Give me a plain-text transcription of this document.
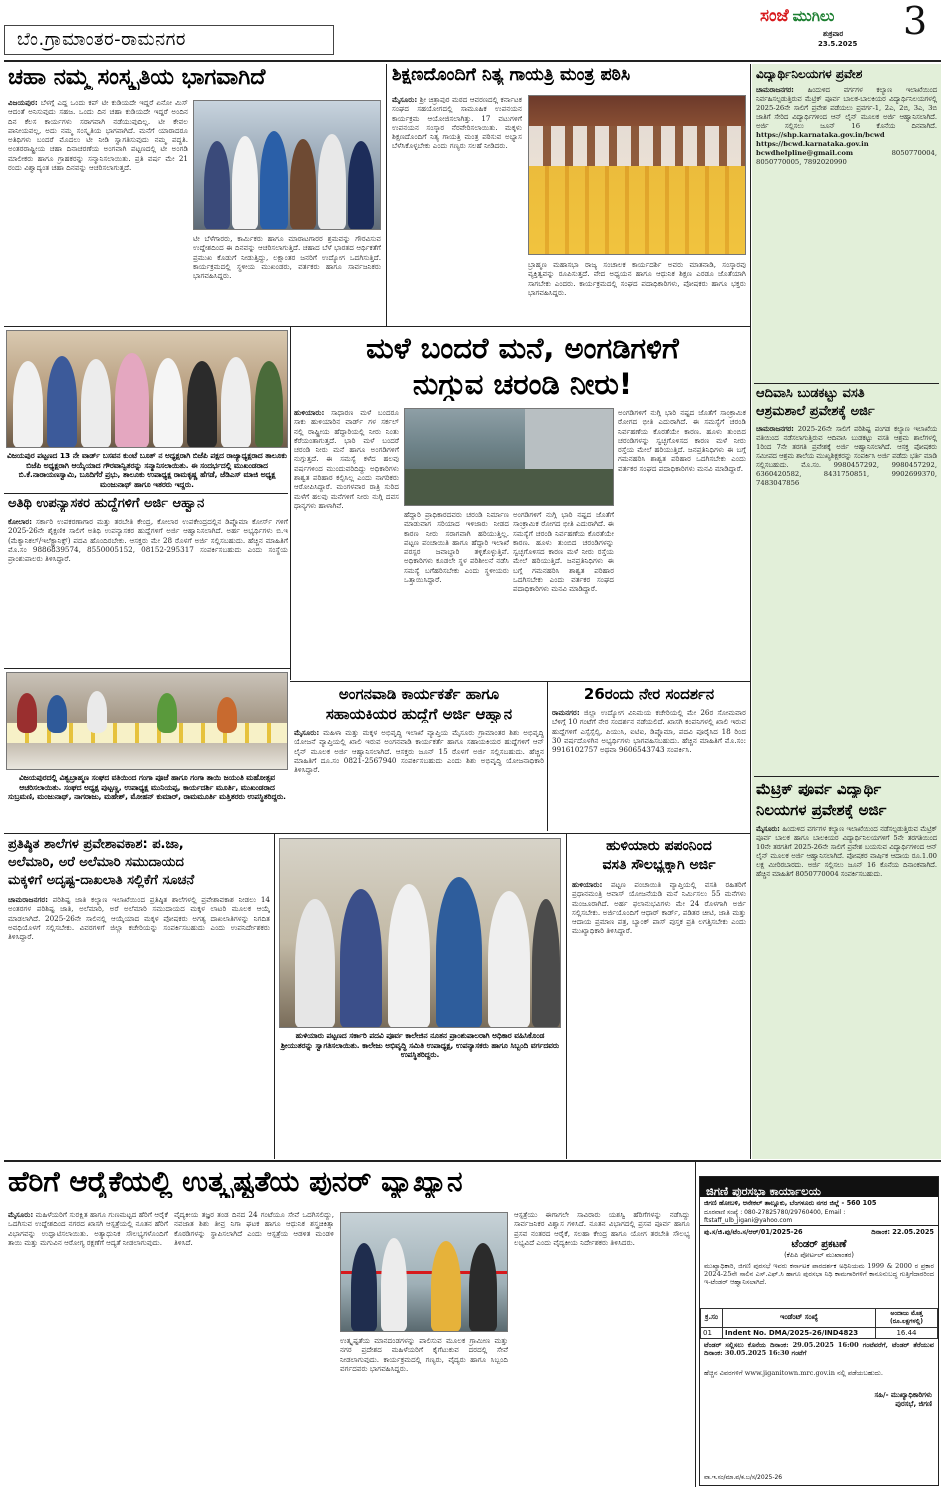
ಬೆಂ.ಗ್ರಾಮಾಂತರ-ರಾಮನಗರ
ಸಂಜೆ ಮುಗಿಲು
ಶುಕ್ರವಾರ
23.5.2025
3
ಚಹಾ ನಮ್ಮ ಸಂಸ್ಕೃತಿಯ ಭಾಗವಾಗಿದೆ
ವಿಜಯಪುರ: ಬೆಳಗ್ಗೆ ಎದ್ದ ಒಂದು ಕಪ್ ಟೀ ಕುಡಿಯದೇ ಇದ್ದರೆ ಏನೋ ಮಿಸ್ ಆದಂತೆ ಅನಿಸುವುದು ಸಹಜ. ಒಂದು ದಿನ ಚಹಾ ಕುಡಿಯದೇ ಇದ್ದರೆ ಅಂದಿನ ದಿನ ಕೆಲಸ ಕಾರ್ಯಗಳು ಸರಾಗವಾಗಿ ನಡೆಯುವುದಿಲ್ಲ. ಟೀ ಕೇವಲ ಪಾನೀಯವಲ್ಲ, ಅದು ನಮ್ಮ ಸಂಸ್ಕೃತಿಯ ಭಾಗವಾಗಿದೆ. ಮನೆಗೆ ಯಾರಾದರೂ ಅತಿಥಿಗಳು ಬಂದರೆ ಮೊದಲು ಟೀ ನೀಡಿ ಸ್ವಾಗತಿಸುವುದು ನಮ್ಮ ಪದ್ಧತಿ. ಅಂತರರಾಷ್ಟ್ರೀಯ ಚಹಾ ದಿನಾಚರಣೆಯ ಅಂಗವಾಗಿ ಪಟ್ಟಣದಲ್ಲಿ ಟೀ ಅಂಗಡಿ ಮಾಲೀಕರು ಹಾಗೂ ಗ್ರಾಹಕರನ್ನು ಸನ್ಮಾನಿಸಲಾಯಿತು. ಪ್ರತಿ ವರ್ಷ ಮೇ 21 ರಂದು ವಿಶ್ವಾದ್ಯಂತ ಚಹಾ ದಿನವನ್ನು ಆಚರಿಸಲಾಗುತ್ತದೆ.
ಟೀ ಬೆಳೆಗಾರರು, ಕಾರ್ಮಿಕರು ಹಾಗೂ ಮಾರಾಟಗಾರರ ಶ್ರಮವನ್ನು ಗೌರವಿಸುವ ಉದ್ದೇಶದಿಂದ ಈ ದಿನವನ್ನು ಆಚರಿಸಲಾಗುತ್ತಿದೆ. ಚಹಾದ ಬೆಳೆ ಭಾರತದ ಆರ್ಥಿಕತೆಗೆ ಪ್ರಮುಖ ಕೊಡುಗೆ ನೀಡುತ್ತಿದ್ದು, ಲಕ್ಷಾಂತರ ಜನರಿಗೆ ಉದ್ಯೋಗ ಒದಗಿಸುತ್ತಿದೆ. ಕಾರ್ಯಕ್ರಮದಲ್ಲಿ ಸ್ಥಳೀಯ ಮುಖಂಡರು, ವರ್ತಕರು ಹಾಗೂ ಸಾರ್ವಜನಿಕರು ಭಾಗವಹಿಸಿದ್ದರು.
ಶಿಕ್ಷಣದೊಂದಿಗೆ ನಿತ್ಯ ಗಾಯತ್ರಿ ಮಂತ್ರ ಪಠಿಸಿ
ಮೈಸೂರು: ಶ್ರೀ ಚಿತ್ರಾಪುರ ಮಠದ ಆವರಣದಲ್ಲಿ ಕರ್ನಾಟಕ ಸಂಘದ ಸಹಯೋಗದಲ್ಲಿ ಸಾಮೂಹಿಕ ಉಪನಯನ ಕಾರ್ಯಕ್ರಮ ಆಯೋಜಿಸಲಾಗಿತ್ತು. 17 ವಟುಗಳಿಗೆ ಉಪನಯನ ಸಂಸ್ಕಾರ ನೆರವೇರಿಸಲಾಯಿತು. ಮಕ್ಕಳು ಶಿಕ್ಷಣದೊಂದಿಗೆ ನಿತ್ಯ ಗಾಯತ್ರಿ ಮಂತ್ರ ಪಠಿಸುವ ಅಭ್ಯಾಸ ಬೆಳೆಸಿಕೊಳ್ಳಬೇಕು ಎಂದು ಗಣ್ಯರು ಸಲಹೆ ನೀಡಿದರು.
ಬ್ರಾಹ್ಮಣ ಮಹಾಸಭಾ ರಾಜ್ಯ ಸಂಚಾಲಕ ಕಾರ್ಯದರ್ಶಿ ಅವರು ಮಾತನಾಡಿ, ಸಂಸ್ಕಾರವು ವ್ಯಕ್ತಿತ್ವವನ್ನು ರೂಪಿಸುತ್ತದೆ. ವೇದ ಅಧ್ಯಯನ ಹಾಗೂ ಆಧುನಿಕ ಶಿಕ್ಷಣ ಎರಡೂ ಜೊತೆಯಾಗಿ ಸಾಗಬೇಕು ಎಂದರು. ಕಾರ್ಯಕ್ರಮದಲ್ಲಿ ಸಂಘದ ಪದಾಧಿಕಾರಿಗಳು, ಪೋಷಕರು ಹಾಗೂ ಭಕ್ತರು ಭಾಗವಹಿಸಿದ್ದರು.
ವಿದ್ಯಾರ್ಥಿನಿಲಯಗಳ ಪ್ರವೇಶ
ಚಾಮರಾಜನಗರ: ಹಿಂದುಳಿದ ವರ್ಗಗಳ ಕಲ್ಯಾಣ ಇಲಾಖೆಯಿಂದ ನಿರ್ವಹಿಸಲ್ಪಡುತ್ತಿರುವ ಮೆಟ್ರಿಕ್ ಪೂರ್ವ ಬಾಲಕ-ಬಾಲಕಿಯರ ವಿದ್ಯಾರ್ಥಿನಿಲಯಗಳಲ್ಲಿ 2025-26ನೇ ಸಾಲಿಗೆ ಪ್ರವೇಶ ಪಡೆಯಲು ಪ್ರವರ್ಗ-1, 2ಎ, 2ಬಿ, 3ಎ, 3ಬಿ ಜಾತಿಗೆ ಸೇರಿದ ವಿದ್ಯಾರ್ಥಿಗಳಿಂದ ಆನ್ ಲೈನ್ ಮೂಲಕ ಅರ್ಜಿ ಆಹ್ವಾನಿಸಲಾಗಿದೆ. ಅರ್ಜಿ ಸಲ್ಲಿಸಲು ಜೂನ್ 16 ಕೊನೆಯ ದಿನವಾಗಿದೆ. https://shp.karnataka.gov.in/bcwd https://bcwd.karnataka.gov.in bcwdhelpline@gmail.com	8050770004, 8050770005, 7892020990
ಆದಿವಾಸಿ ಬುಡಕಟ್ಟು ವಸತಿ
ಆಶ್ರಮಶಾಲೆ ಪ್ರವೇಶಕ್ಕೆ ಅರ್ಜಿ
ಚಾಮರಾಜನಗರ: 2025-26ನೇ ಸಾಲಿಗೆ ಪರಿಶಿಷ್ಟ ಪಂಗಡ ಕಲ್ಯಾಣ ಇಲಾಖೆಯ ವತಿಯಿಂದ ನಡೆಸಲಾಗುತ್ತಿರುವ ಆದಿವಾಸಿ ಬುಡಕಟ್ಟು ವಸತಿ ಆಶ್ರಮ ಶಾಲೆಗಳಲ್ಲಿ 1ರಿಂದ 7ನೇ ತರಗತಿ ಪ್ರವೇಶಕ್ಕೆ ಅರ್ಜಿ ಆಹ್ವಾನಿಸಲಾಗಿದೆ. ಆಸಕ್ತ ಪೋಷಕರು ಸಮೀಪದ ಆಶ್ರಮ ಶಾಲೆಯ ಮುಖ್ಯಶಿಕ್ಷಕರನ್ನು ಸಂಪರ್ಕಿಸಿ ಅರ್ಜಿ ಪಡೆದು ಭರ್ತಿ ಮಾಡಿ ಸಲ್ಲಿಸಬಹುದು. ಮೊ.ಸಂ. 9980457292, 9980457292, 6360420582, 8431750851, 9902699370, 7483047856
ಮೆಟ್ರಿಕ್ ಪೂರ್ವ ವಿದ್ಯಾರ್ಥಿ
ನಿಲಯಗಳ ಪ್ರವೇಶಕ್ಕೆ ಅರ್ಜಿ
ಮೈಸೂರು: ಹಿಂದುಳಿದ ವರ್ಗಗಳ ಕಲ್ಯಾಣ ಇಲಾಖೆಯಿಂದ ನಡೆಸಲ್ಪಡುತ್ತಿರುವ ಮೆಟ್ರಿಕ್ ಪೂರ್ವ ಬಾಲಕ ಹಾಗೂ ಬಾಲಕಿಯರ ವಿದ್ಯಾರ್ಥಿನಿಲಯಗಳಿಗೆ 5ನೇ ತರಗತಿಯಿಂದ 10ನೇ ತರಗತಿಗೆ 2025-26ನೇ ಸಾಲಿಗೆ ಪ್ರವೇಶ ಬಯಸುವ ವಿದ್ಯಾರ್ಥಿಗಳಿಂದ ಆನ್ ಲೈನ್ ಮೂಲಕ ಅರ್ಜಿ ಆಹ್ವಾನಿಸಲಾಗಿದೆ. ಪೋಷಕರ ವಾರ್ಷಿಕ ಆದಾಯ ರೂ.1.00 ಲಕ್ಷ ಮೀರಿರಬಾರದು. ಅರ್ಜಿ ಸಲ್ಲಿಸಲು ಜೂನ್ 16 ಕೊನೆಯ ದಿನಾಂಕವಾಗಿದೆ. ಹೆಚ್ಚಿನ ಮಾಹಿತಿಗೆ 8050770004 ಸಂಪರ್ಕಿಸಬಹುದು.
ವಿಜಯಪುರ ಪಟ್ಟಣದ 13 ನೇ ವಾರ್ಡ್ ಬಸವನ ಕುಂಟೆ ಬೂತ್ ನ ಅಧ್ಯಕ್ಷರಾಗಿ ಬಿಜೆಪಿ ಪಕ್ಷದ ರಾಜ್ಯಾಧ್ಯಕ್ಷರಾದ ತಾಲೂಕು ಬಿಜೆಪಿ ಅಧ್ಯಕ್ಷರಾಗಿ ಆಯ್ಕೆಯಾದ ಗೌರವಾನ್ವಿತರನ್ನು ಸನ್ಮಾನಿಸಲಾಯಿತು. ಈ ಸಂದರ್ಭದಲ್ಲಿ ಮುಖಂಡರಾದ ಬಿ.ಕೆ.ನಾರಾಯಣಸ್ವಾಮಿ, ಬೂದಿಗೆರೆ ಪ್ರಭು, ತಾಲೂಕು ಉಪಾಧ್ಯಕ್ಷ ರಾಮಕೃಷ್ಣ ಹೆಗಡೆ, ಜೆಡಿಎಸ್ ಮಾಜಿ ಅಧ್ಯಕ್ಷ ಮಂಜುನಾಥ್ ಹಾಗೂ ಇತರರು ಇದ್ದರು.
ಮಳೆ ಬಂದರೆ ಮನೆ, ಅಂಗಡಿಗಳಿಗೆ
ನುಗ್ಗುವ ಚರಂಡಿ ನೀರು!
ಹುಳಿಯಾರು: ಸಾಧಾರಣ ಮಳೆ ಬಂದರೂ ಸಾಕು ಹುಳಿಯಾರಿನ ವಾರ್ಡ್ ಗಳ ಸರ್ಕಲ್ ನಲ್ಲಿ ರಾಷ್ಟ್ರೀಯ ಹೆದ್ದಾರಿಯಲ್ಲಿ ನೀರು ನಿಂತು ಕೆರೆಯಂತಾಗುತ್ತದೆ. ಭಾರಿ ಮಳೆ ಬಂದರೆ ಚರಂಡಿ ನೀರು ಮನೆ ಹಾಗೂ ಅಂಗಡಿಗಳಿಗೆ ನುಗ್ಗುತ್ತದೆ. ಈ ಸಮಸ್ಯೆ ಕಳೆದ ಹಲವು ವರ್ಷಗಳಿಂದ ಮುಂದುವರಿದಿದ್ದು ಅಧಿಕಾರಿಗಳು ಶಾಶ್ವತ ಪರಿಹಾರ ಕಲ್ಪಿಸಿಲ್ಲ ಎಂದು ನಾಗರಿಕರು ಆರೋಪಿಸಿದ್ದಾರೆ. ಮಂಗಳವಾರ ರಾತ್ರಿ ಸುರಿದ ಮಳೆಗೆ ಹಲವು ಮನೆಗಳಿಗೆ ನೀರು ನುಗ್ಗಿ ದವಸ ಧಾನ್ಯಗಳು ಹಾಳಾಗಿವೆ.
ಹೆದ್ದಾರಿ ಪ್ರಾಧಿಕಾರದವರು ಚರಂಡಿ ನಿರ್ಮಾಣ ಮಾಡುವಾಗ ಸರಿಯಾದ ಇಳಿಜಾರು ನೀಡದ ಕಾರಣ ನೀರು ಸರಾಗವಾಗಿ ಹರಿಯುತ್ತಿಲ್ಲ. ಪಟ್ಟಣ ಪಂಚಾಯಿತಿ ಹಾಗೂ ಹೆದ್ದಾರಿ ಇಲಾಖೆ ಪರಸ್ಪರ ಜವಾಬ್ದಾರಿ ತಳ್ಳಿಕೊಳ್ಳುತ್ತಿವೆ. ಅಧಿಕಾರಿಗಳು ಕೂಡಲೇ ಸ್ಥಳ ಪರಿಶೀಲನೆ ನಡೆಸಿ ಸಮಸ್ಯೆ ಬಗೆಹರಿಸಬೇಕು ಎಂದು ಸ್ಥಳೀಯರು ಒತ್ತಾಯಿಸಿದ್ದಾರೆ.
ಅಂಗಡಿಗಳಿಗೆ ನುಗ್ಗಿ ಭಾರಿ ನಷ್ಟದ ಜೊತೆಗೆ ಸಾಂಕ್ರಾಮಿಕ ರೋಗದ ಭೀತಿ ಎದುರಾಗಿದೆ. ಈ ಸಮಸ್ಯೆಗೆ ಚರಂಡಿ ನಿರ್ವಹಣೆಯ ಕೊರತೆಯೇ ಕಾರಣ. ಹೂಳು ತುಂಬಿದ ಚರಂಡಿಗಳನ್ನು ಸ್ವಚ್ಛಗೊಳಿಸದ ಕಾರಣ ಮಳೆ ನೀರು ರಸ್ತೆಯ ಮೇಲೆ ಹರಿಯುತ್ತಿದೆ. ಜನಪ್ರತಿನಿಧಿಗಳು ಈ ಬಗ್ಗೆ ಗಮನಹರಿಸಿ ಶಾಶ್ವತ ಪರಿಹಾರ ಒದಗಿಸಬೇಕು ಎಂದು ವರ್ತಕರ ಸಂಘದ ಪದಾಧಿಕಾರಿಗಳು ಮನವಿ ಮಾಡಿದ್ದಾರೆ.
ಅಂಗಡಿಗಳಿಗೆ ನುಗ್ಗಿ ಭಾರಿ ನಷ್ಟದ ಜೊತೆಗೆ ಸಾಂಕ್ರಾಮಿಕ ರೋಗದ ಭೀತಿ ಎದುರಾಗಿದೆ. ಈ ಸಮಸ್ಯೆಗೆ ಚರಂಡಿ ನಿರ್ವಹಣೆಯ ಕೊರತೆಯೇ ಕಾರಣ. ಹೂಳು ತುಂಬಿದ ಚರಂಡಿಗಳನ್ನು ಸ್ವಚ್ಛಗೊಳಿಸದ ಕಾರಣ ಮಳೆ ನೀರು ರಸ್ತೆಯ ಮೇಲೆ ಹರಿಯುತ್ತಿದೆ. ಜನಪ್ರತಿನಿಧಿಗಳು ಈ ಬಗ್ಗೆ ಗಮನಹರಿಸಿ ಶಾಶ್ವತ ಪರಿಹಾರ ಒದಗಿಸಬೇಕು ಎಂದು ವರ್ತಕರ ಸಂಘದ ಪದಾಧಿಕಾರಿಗಳು ಮನವಿ ಮಾಡಿದ್ದಾರೆ.
ಅತಿಥಿ ಉಪನ್ಯಾಸಕರ ಹುದ್ದೆಗಳಿಗೆ ಅರ್ಜಿ ಆಹ್ವಾನ
ಕೋಲಾರ: ಸರ್ಕಾರಿ ಉಪಕರಣಾಗಾರ ಮತ್ತು ತರಬೇತಿ ಕೇಂದ್ರ, ಕೋಲಾರ ಉಪಕೇಂದ್ರದಲ್ಲಿನ ಡಿಪ್ಲೊಮಾ ಕೋರ್ಸ್ ಗಳಿಗೆ 2025-26ನೇ ಶೈಕ್ಷಣಿಕ ಸಾಲಿಗೆ ಅತಿಥಿ ಉಪನ್ಯಾಸಕರ ಹುದ್ದೆಗಳಿಗೆ ಅರ್ಜಿ ಆಹ್ವಾನಿಸಲಾಗಿದೆ. ಅರ್ಹ ಅಭ್ಯರ್ಥಿಗಳು ಬಿ.ಇ (ಮೆಕ್ಯಾನಿಕಲ್/ಇಲೆಕ್ಟ್ರಾನಿಕ್ಸ್) ಪದವಿ ಹೊಂದಿರಬೇಕು. ಆಸಕ್ತರು ಮೇ 28 ರೊಳಗೆ ಅರ್ಜಿ ಸಲ್ಲಿಸಬಹುದು. ಹೆಚ್ಚಿನ ಮಾಹಿತಿಗೆ ಮೊ.ಸಂ 9886839574, 8550005152, 08152-295317 ಸಂಪರ್ಕಿಸಬಹುದು ಎಂದು ಸಂಸ್ಥೆಯ ಪ್ರಾಂಶುಪಾಲರು ತಿಳಿಸಿದ್ದಾರೆ.
ವಿಜಯಪುರದಲ್ಲಿ ವಿಶ್ವಬ್ರಾಹ್ಮಣ ಸಂಘದ ವತಿಯಿಂದ ಗಂಗಾ ಪೂಜೆ ಹಾಗೂ ಗಂಗಾ ತಾಯಿ ಜಯಂತಿ ಮಹೋತ್ಸವ ಆಚರಿಸಲಾಯಿತು. ಸಂಘದ ಅಧ್ಯಕ್ಷ ಪುಟ್ಟಣ್ಣ, ಉಪಾಧ್ಯಕ್ಷ ಮುನಿಯಪ್ಪ, ಕಾರ್ಯದರ್ಶಿ ಮೂರ್ತಿ, ಮುಖಂಡರಾದ ಸುಬ್ರಮಣಿ, ಮಂಜುನಾಥ್, ನಾಗರಾಜು, ಮಹೇಶ್, ಮೋಹನ್ ಕುಮಾರ್, ರಾಮಮೂರ್ತಿ ಮತ್ತಿತರರು ಉಪಸ್ಥಿತರಿದ್ದರು.
ಅಂಗನವಾಡಿ ಕಾರ್ಯಕರ್ತೆ ಹಾಗೂ
ಸಹಾಯಕಿಯರ ಹುದ್ದೆಗೆ ಅರ್ಜಿ ಆಹ್ವಾನ
ಮೈಸೂರು: ಮಹಿಳಾ ಮತ್ತು ಮಕ್ಕಳ ಅಭಿವೃದ್ಧಿ ಇಲಾಖೆ ವ್ಯಾಪ್ತಿಯ ಮೈಸೂರು ಗ್ರಾಮಾಂತರ ಶಿಶು ಅಭಿವೃದ್ಧಿ ಯೋಜನೆ ವ್ಯಾಪ್ತಿಯಲ್ಲಿ ಖಾಲಿ ಇರುವ ಅಂಗನವಾಡಿ ಕಾರ್ಯಕರ್ತೆ ಹಾಗೂ ಸಹಾಯಕಿಯರ ಹುದ್ದೆಗಳಿಗೆ ಆನ್ ಲೈನ್ ಮೂಲಕ ಅರ್ಜಿ ಆಹ್ವಾನಿಸಲಾಗಿದೆ. ಆಸಕ್ತರು ಜೂನ್ 15 ರೊಳಗೆ ಅರ್ಜಿ ಸಲ್ಲಿಸಬಹುದು. ಹೆಚ್ಚಿನ ಮಾಹಿತಿಗೆ ದೂ.ಸಂ 0821-2567940 ಸಂಪರ್ಕಿಸಬಹುದು ಎಂದು ಶಿಶು ಅಭಿವೃದ್ಧಿ ಯೋಜನಾಧಿಕಾರಿ ತಿಳಿಸಿದ್ದಾರೆ.
26ರಂದು ನೇರ ಸಂದರ್ಶನ
ರಾಮನಗರ: ಜಿಲ್ಲಾ ಉದ್ಯೋಗ ವಿನಿಮಯ ಕಚೇರಿಯಲ್ಲಿ ಮೇ 26ರ ಸೋಮವಾರ ಬೆಳಿಗ್ಗೆ 10 ಗಂಟೆಗೆ ನೇರ ಸಂದರ್ಶನ ನಡೆಯಲಿದೆ. ಖಾಸಗಿ ಕಂಪನಿಗಳಲ್ಲಿ ಖಾಲಿ ಇರುವ ಹುದ್ದೆಗಳಿಗೆ ಎಸ್ಸೆಸ್ಸೆಲ್ಸಿ, ಪಿಯುಸಿ, ಐಟಿಐ, ಡಿಪ್ಲೊಮಾ, ಪದವಿ ಪೂರೈಸಿದ 18 ರಿಂದ 30 ವರ್ಷದೊಳಗಿನ ಅಭ್ಯರ್ಥಿಗಳು ಭಾಗವಹಿಸಬಹುದು. ಹೆಚ್ಚಿನ ಮಾಹಿತಿಗೆ ಮೊ.ಸಂ: 9916102757 ಅಥವಾ 9606543743 ಸಂಪರ್ಕಿಸಿ.
ಪ್ರತಿಷ್ಠಿತ ಶಾಲೆಗಳ ಪ್ರವೇಶಾವಕಾಶ: ಪ.ಜಾ,
ಅಲೆಮಾರಿ, ಅರೆ ಅಲೆಮಾರಿ ಸಮುದಾಯದ
ಮಕ್ಕಳಿಗೆ ಅದೃಷ್ಟ-ದಾಖಲಾತಿ ಸಲ್ಲಿಕೆಗೆ ಸೂಚನೆ
ಚಾಮರಾಜನಗರ: ಪರಿಶಿಷ್ಟ ಜಾತಿ ಕಲ್ಯಾಣ ಇಲಾಖೆಯಿಂದ ಪ್ರತಿಷ್ಠಿತ ಶಾಲೆಗಳಲ್ಲಿ ಪ್ರವೇಶಾವಕಾಶ ನೀಡಲು 14 ಅಂತರಗಳ ಪರಿಶಿಷ್ಟ ಜಾತಿ, ಅಲೆಮಾರಿ, ಅರೆ ಅಲೆಮಾರಿ ಸಮುದಾಯದ ಮಕ್ಕಳ ಲಾಟರಿ ಮೂಲಕ ಆಯ್ಕೆ ಮಾಡಲಾಗಿದೆ. 2025-26ನೇ ಸಾಲಿನಲ್ಲಿ ಆಯ್ಕೆಯಾದ ಮಕ್ಕಳ ಪೋಷಕರು ಅಗತ್ಯ ದಾಖಲಾತಿಗಳನ್ನು ನಿಗದಿತ ಅವಧಿಯೊಳಗೆ ಸಲ್ಲಿಸಬೇಕು. ವಿವರಗಳಿಗೆ ಜಿಲ್ಲಾ ಕಚೇರಿಯನ್ನು ಸಂಪರ್ಕಿಸಬಹುದು ಎಂದು ಉಪನಿರ್ದೇಶಕರು ತಿಳಿಸಿದ್ದಾರೆ.
ಹುಳಿಯಾರು ಪಟ್ಟಣದ ಸರ್ಕಾರಿ ಪದವಿ ಪೂರ್ವ ಕಾಲೇಜಿನ ನೂತನ ಪ್ರಾಂಶುಪಾಲರಾಗಿ ಅಧಿಕಾರ ವಹಿಸಿಕೊಂಡ ಶ್ರೀಯುತರನ್ನು ಸ್ವಾಗತಿಸಲಾಯಿತು. ಕಾಲೇಜು ಅಭಿವೃದ್ಧಿ ಸಮಿತಿ ಉಪಾಧ್ಯಕ್ಷ, ಉಪನ್ಯಾಸಕರು ಹಾಗೂ ಸಿಬ್ಬಂದಿ ವರ್ಗದವರು ಉಪಸ್ಥಿತರಿದ್ದರು.
ಹುಳಿಯಾರು ಪಪಂನಿಂದ
ವಸತಿ ಸೌಲಭ್ಯಕ್ಕಾಗಿ ಅರ್ಜಿ
ಹುಳಿಯಾರು: ಪಟ್ಟಣ ಪಂಚಾಯಿತಿ ವ್ಯಾಪ್ತಿಯಲ್ಲಿ ವಸತಿ ರಹಿತರಿಗೆ ಪ್ರಧಾನಮಂತ್ರಿ ಆವಾಸ್ ಯೋಜನೆಯಡಿ ಮನೆ ನಿರ್ಮಿಸಲು 55 ಮನೆಗಳು ಮಂಜೂರಾಗಿದೆ. ಅರ್ಹ ಫಲಾನುಭವಿಗಳು ಮೇ 24 ರೊಳಗಾಗಿ ಅರ್ಜಿ ಸಲ್ಲಿಸಬೇಕು. ಅರ್ಜಿಯೊಂದಿಗೆ ಆಧಾರ್ ಕಾರ್ಡ್, ಪಡಿತರ ಚೀಟಿ, ಜಾತಿ ಮತ್ತು ಆದಾಯ ಪ್ರಮಾಣ ಪತ್ರ, ಬ್ಯಾಂಕ್ ಪಾಸ್ ಪುಸ್ತಕ ಪ್ರತಿ ಲಗತ್ತಿಸಬೇಕು ಎಂದು ಮುಖ್ಯಾಧಿಕಾರಿ ತಿಳಿಸಿದ್ದಾರೆ.
ಹೆರಿಗೆ ಆರೈಕೆಯಲ್ಲಿ ಉತ್ಕೃಷ್ಟತೆಯ ಪುನರ್ ವ್ಯಾಖ್ಯಾನ
ಮೈಸೂರು: ಮಹಿಳೆಯರಿಗೆ ಸುರಕ್ಷಿತ ಹಾಗೂ ಗುಣಮಟ್ಟದ ಹೆರಿಗೆ ಆರೈಕೆ ಒದಗಿಸುವ ಉದ್ದೇಶದಿಂದ ನಗರದ ಖಾಸಗಿ ಆಸ್ಪತ್ರೆಯಲ್ಲಿ ನೂತನ ಹೆರಿಗೆ ವಿಭಾಗವನ್ನು ಉದ್ಘಾಟಿಸಲಾಯಿತು. ಅತ್ಯಾಧುನಿಕ ಸೌಲಭ್ಯಗಳೊಂದಿಗೆ ತಾಯಿ ಮತ್ತು ಮಗುವಿನ ಆರೋಗ್ಯ ರಕ್ಷಣೆಗೆ ಆದ್ಯತೆ ನೀಡಲಾಗುವುದು.
ವೈದ್ಯಕೀಯ ತಜ್ಞರ ತಂಡ ದಿನದ 24 ಗಂಟೆಯೂ ಸೇವೆ ಒದಗಿಸಲಿದ್ದು, ನವಜಾತ ಶಿಶು ತೀವ್ರ ನಿಗಾ ಘಟಕ ಹಾಗೂ ಆಧುನಿಕ ಶಸ್ತ್ರಚಿಕಿತ್ಸಾ ಕೊಠಡಿಗಳನ್ನು ಸ್ಥಾಪಿಸಲಾಗಿದೆ ಎಂದು ಆಸ್ಪತ್ರೆಯ ಆಡಳಿತ ಮಂಡಳಿ ತಿಳಿಸಿದೆ.
ಉತ್ಕೃಷ್ಟತೆಯ ಮಾನದಂಡಗಳನ್ನು ಪಾಲಿಸುವ ಮೂಲಕ ಗ್ರಾಮೀಣ ಮತ್ತು ನಗರ ಪ್ರದೇಶದ ಮಹಿಳೆಯರಿಗೆ ಕೈಗೆಟುಕುವ ದರದಲ್ಲಿ ಸೇವೆ ನೀಡಲಾಗುವುದು. ಕಾರ್ಯಕ್ರಮದಲ್ಲಿ ಗಣ್ಯರು, ವೈದ್ಯರು ಹಾಗೂ ಸಿಬ್ಬಂದಿ ವರ್ಗದವರು ಭಾಗವಹಿಸಿದ್ದರು.
ಆಸ್ಪತ್ರೆಯು ಈಗಾಗಲೇ ಸಾವಿರಾರು ಯಶಸ್ವಿ ಹೆರಿಗೆಗಳನ್ನು ನಡೆಸಿದ್ದು ಸಾರ್ವಜನಿಕರ ವಿಶ್ವಾಸ ಗಳಿಸಿದೆ. ನೂತನ ವಿಭಾಗದಲ್ಲಿ ಪ್ರಸವ ಪೂರ್ವ ಹಾಗೂ ಪ್ರಸವ ನಂತರದ ಆರೈಕೆ, ಸಲಹಾ ಕೇಂದ್ರ ಹಾಗೂ ಯೋಗ ತರಬೇತಿ ಸೌಲಭ್ಯ ಲಭ್ಯವಿದೆ ಎಂದು ವೈದ್ಯಕೀಯ ನಿರ್ದೇಶಕರು ತಿಳಿಸಿದರು.
ಜಿಗಣಿ ಪುರಸಭಾ ಕಾರ್ಯಾಲಯ
ಜಿಗಣಿ ಹೋಬಳಿ, ಆನೇಕಲ್ ತಾಲ್ಲೂಕು, ಬೆಂಗಳೂರು ನಗರ ಜಿಲ್ಲೆ - 560 105
ದೂರವಾಣಿ ಸಂಖ್ಯೆ : 080-27825780/29760400, Email : ftstaff_ulb_jigani@yahoo.com
ಪು.ಸ/ಜಿ.ಪು/ಟೆಂ.ಸ/ಆರ್/01/2025-26	ದಿನಾಂಕ: 22.05.2025
ಟೆಂಡರ್ ಪ್ರಕಟಣೆ
(ಕೆಪಿಪಿ ಪೋರ್ಟಲ್ ಮುಖಾಂತರ)
ಮುಖ್ಯಾಧಿಕಾರಿ, ಜಿಗಣಿ ಪುರಸಭೆ ಇವರು ಕರ್ನಾಟಕ ಪಾರದರ್ಶಕ ಅಧಿನಿಯಮ 1999 & 2000 ರ ಪ್ರಕಾರ 2024-25ನೇ ಸಾಲಿನ ಎಸ್.ಎಫ್.ಸಿ ಹಾಗೂ ಪುರಸಭಾ ನಿಧಿ ಕಾಮಗಾರಿಗಳಿಗೆ ಕಾನೂನುಬದ್ಧ ಗುತ್ತಿಗೆದಾರರಿಂದ ಇ-ಟೆಂಡರ್ ಆಹ್ವಾನಿಸಲಾಗಿದೆ.
ಕ್ರ.ಸಂ	ಇಂಡೆಂಟ್ ಸಂಖ್ಯೆ	ಅಂದಾಜು ಮೊತ್ತ (ರೂ.ಲಕ್ಷಗಳಲ್ಲಿ)
01	Indent No. DMA/2025-26/IND4823	16.44
ಟೆಂಡರ್ ಸಲ್ಲಿಸಲು ಕೊನೆಯ ದಿನಾಂಕ: 29.05.2025 16:00 ಗಂಟೆವರೆಗೆ, ಟೆಂಡರ್ ತೆರೆಯುವ ದಿನಾಂಕ: 30.05.2025 16:30 ಗಂಟೆಗೆ
ಹೆಚ್ಚಿನ ವಿವರಗಳಿಗೆ www.jiganitown.mrc.gov.in ನಲ್ಲಿ ಪಡೆಯಬಹುದು.
ಸಹಿ/- ಮುಖ್ಯಾಧಿಕಾರಿಗಳು
ಪುರಸಭೆ, ಜಿಗಣಿ
ವಾ.ಇ.ಸಂ/ಮಾ.ವ/ಕ.ಬ/ಸ/2025-26
